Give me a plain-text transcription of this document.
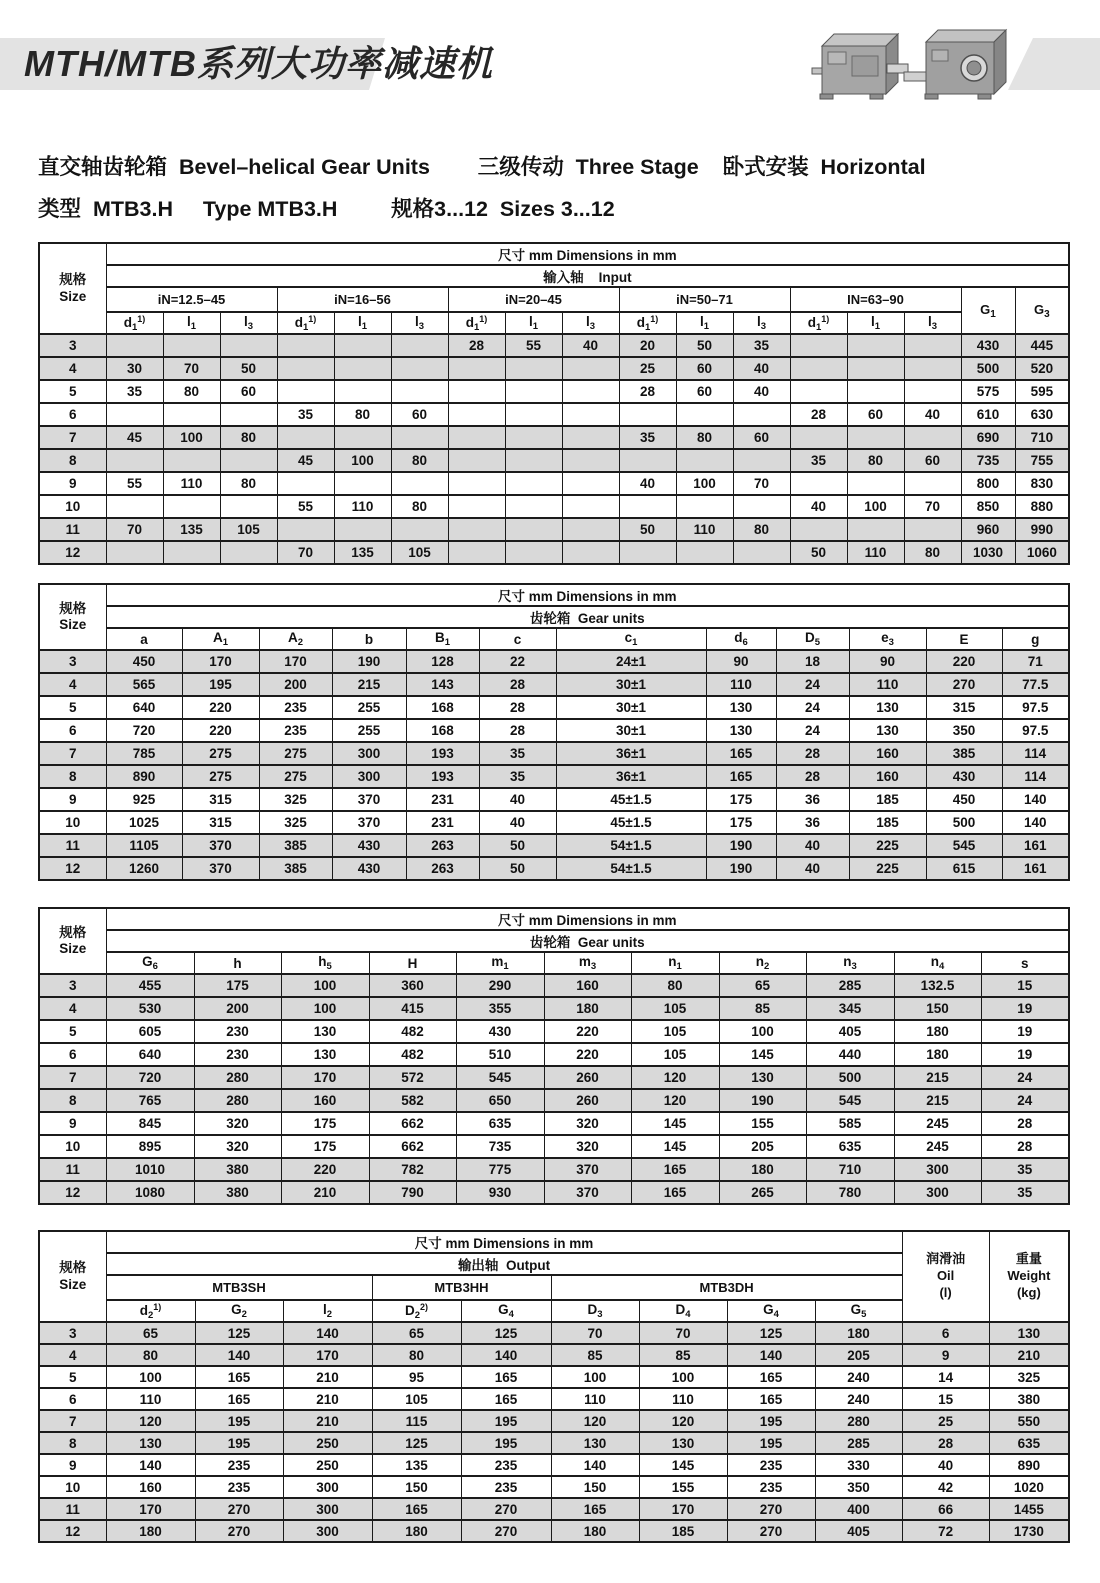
MTH/MTB系列大功率减速机
直交轴齿轮箱  Bevel–helical Gear Units        三级传动  Three Stage    卧式安装  Horizontal
类型  MTB3.H     Type MTB3.H         规格3...12  Sizes 3...12
规格
Size	尺寸 mm Dimensions in mm																
	输入轴    Input																
	iN=12.5–45			iN=16–56			iN=20–45			iN=50–71			IN=63–90			$G_1$	$G_3$
	$d_1^{1)}$	$l_1$	$l_3$	$d_1^{1)}$	$l_1$	$l_3$	$d_1^{1)}$	$l_1$	$l_3$	$d_1^{1)}$	$l_1$	$l_3$	$d_1^{1)}$	$l_1$	$l_3$
3							28	55	40	20	50	35				430	445
4	30	70	50							25	60	40				500	520
5	35	80	60							28	60	40				575	595
6				35	80	60							28	60	40	610	630
7	45	100	80							35	80	60				690	710
8				45	100	80							35	80	60	735	755
9	55	110	80							40	100	70				800	830
10				55	110	80							40	100	70	850	880
11	70	135	105							50	110	80				960	990
12				70	135	105							50	110	80	1030	1060
规格
Size	尺寸 mm Dimensions in mm											
	齿轮箱  Gear units											
	a	$A_1$	$A_2$	b	$B_1$	c	$c_1$	$d_6$	$D_5$	$e_3$	E	g
3	450	170	170	190	128	22	24±1	90	18	90	220	71
4	565	195	200	215	143	28	30±1	110	24	110	270	77.5
5	640	220	235	255	168	28	30±1	130	24	130	315	97.5
6	720	220	235	255	168	28	30±1	130	24	130	350	97.5
7	785	275	275	300	193	35	36±1	165	28	160	385	114
8	890	275	275	300	193	35	36±1	165	28	160	430	114
9	925	315	325	370	231	40	45±1.5	175	36	185	450	140
10	1025	315	325	370	231	40	45±1.5	175	36	185	500	140
11	1105	370	385	430	263	50	54±1.5	190	40	225	545	161
12	1260	370	385	430	263	50	54±1.5	190	40	225	615	161
规格
Size	尺寸 mm Dimensions in mm										
	齿轮箱  Gear units										
	$G_6$	h	$h_5$	H	$m_1$	$m_3$	$n_1$	$n_2$	$n_3$	$n_4$	s
3	455	175	100	360	290	160	80	65	285	132.5	15
4	530	200	100	415	355	180	105	85	345	150	19
5	605	230	130	482	430	220	105	100	405	180	19
6	640	230	130	482	510	220	105	145	440	180	19
7	720	280	170	572	545	260	120	130	500	215	24
8	765	280	160	582	650	260	120	190	545	215	24
9	845	320	175	662	635	320	145	155	585	245	28
10	895	320	175	662	735	320	145	205	635	245	28
11	1010	380	220	782	775	370	165	180	710	300	35
12	1080	380	210	790	930	370	165	265	780	300	35
规格
Size
	尺寸 mm Dimensions in mm	
润滑油
Oil
(l)

重量
Weight
(kg)

	输出轴  Output										
	MTB3SH			MTB3HH		MTB3DH					
	$d_2^{1)}$	$G_2$	$l_2$	$D_2^{2)}$	$G_4$	$D_3$	$D_4$	$G_4$	$G_5$
3	65	125	140	65	125	70	70	125	180	6	130
4	80	140	170	80	140	85	85	140	205	9	210
5	100	165	210	95	165	100	100	165	240	14	325
6	110	165	210	105	165	110	110	165	240	15	380
7	120	195	210	115	195	120	120	195	280	25	550
8	130	195	250	125	195	130	130	195	285	28	635
9	140	235	250	135	235	140	145	235	330	40	890
10	160	235	300	150	235	150	155	235	350	42	1020
11	170	270	300	165	270	165	170	270	400	66	1455
12	180	270	300	180	270	180	185	270	405	72	1730
